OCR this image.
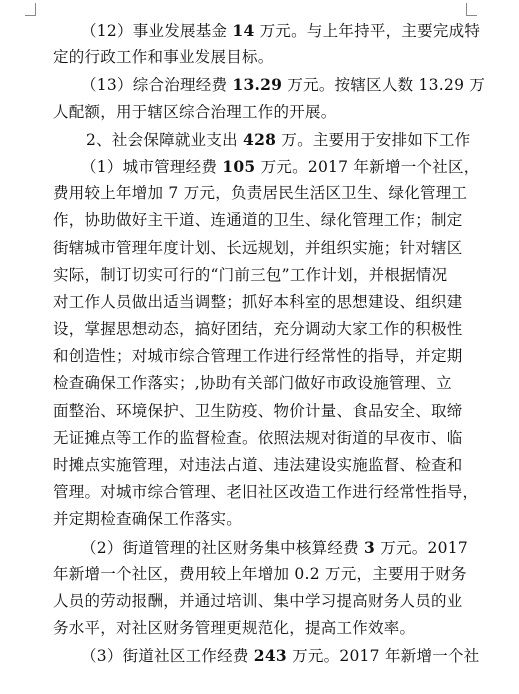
（12）事业发展基金 14 万元。与上年持平，主要完成特
定的行政工作和事业发展目标。
（13）综合治理经费 13.29 万元。按辖区人数 13.29 万
人配额，用于辖区综合治理工作的开展。
2、社会保障就业支出 428 万。主要用于安排如下工作
（1）城市管理经费 105 万元。2017 年新增一个社区，
费用较上年增加 7 万元，负责居民生活区卫生、绿化管理工
作，协助做好主干道、连通道的卫生、绿化管理工作；制定
街辖城市管理年度计划、长远规划，并组织实施；针对辖区
实际，制订切实可行的“门前三包”工作计划，并根据情况
对工作人员做出适当调整；抓好本科室的思想建设、组织建
设，掌握思想动态，搞好团结，充分调动大家工作的积极性
和创造性；对城市综合管理工作进行经常性的指导，并定期
检查确保工作落实；,协助有关部门做好市政设施管理、立
面整治、环境保护、卫生防疫、物价计量、食品安全、取缔
无证摊点等工作的监督检查。依照法规对街道的早夜市、临
时摊点实施管理，对违法占道、违法建设实施监督、检查和
管理。对城市综合管理、老旧社区改造工作进行经常性指导，
并定期检查确保工作落实。
（2）街道管理的社区财务集中核算经费 3 万元。2017
年新增一个社区，费用较上年增加 0.2 万元，主要用于财务
人员的劳动报酬，并通过培训、集中学习提高财务人员的业
务水平，对社区财务管理更规范化，提高工作效率。
（3）街道社区工作经费 243 万元。2017 年新增一个社
